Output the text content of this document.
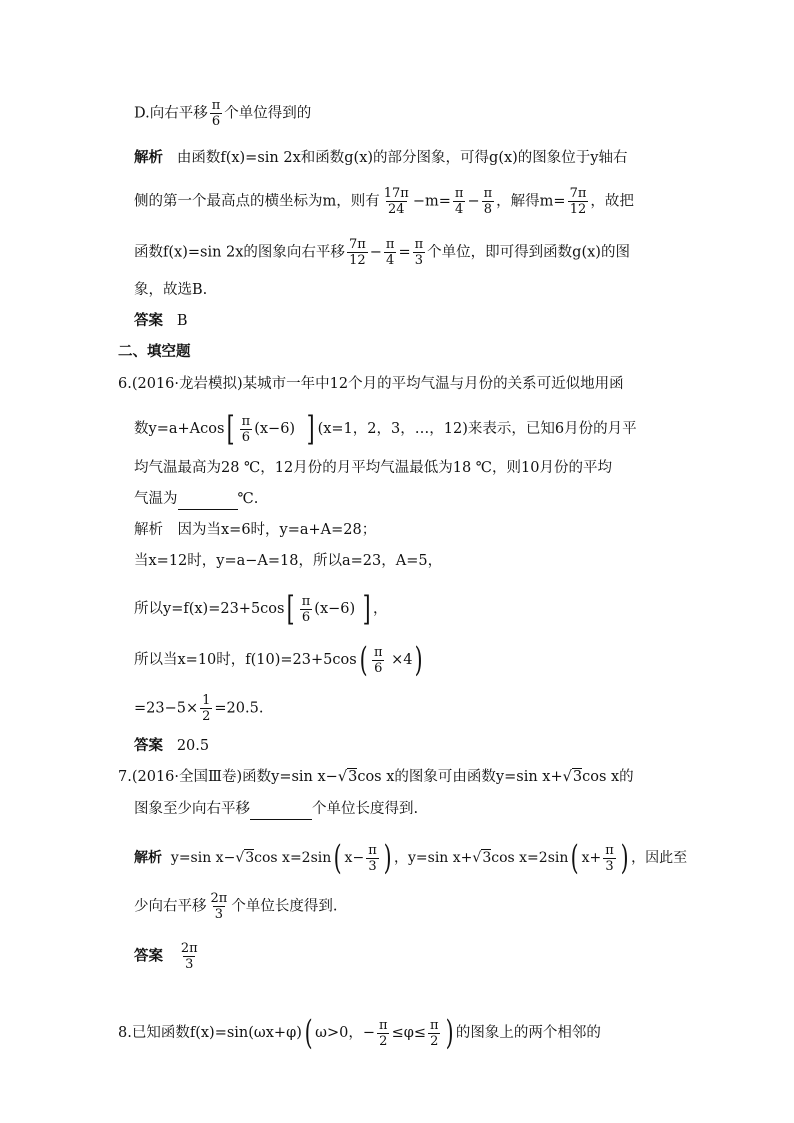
D.向右平移 $\frac{\pi}{6}$ 个单位得到的
解析 由函数f(x)=sin 2x和函数g(x)的部分图象，可得g(x)的图象位于y轴右
侧的第一个最高点的横坐标为m，则有 $\frac{17\pi}{24} -m= \frac{\pi}{4} - \frac{\pi}{8}$ ，解得$m= \frac{7\pi}{12}$ ，故把
函数f(x)=sin 2x的图象向右平移 $\frac{7\pi}{12} - \frac{\pi}{4} = \frac{\pi}{3}$ 个单位，即可得到函数g(x)的图
象，故选B.
答案 B
二、填空题
6.(2016·龙岩模拟)某城市一年中12个月的平均气温与月份的关系可近似地用函
数$y=a+Acos[ \frac{\pi}{6} (x-6)$ ] (x=1，2，3，…，12)来表示，已知6月份的月平
均气温最高为28 ℃，12月份的月平均气温最低为18 ℃，则10月份的平均
气温为	℃.
解析　因为当x=6时，y=a+A=28；
当x=12时，y=a−A=18，所以a=23，A=5，
所以$y=f(x)=23+5\cos[ \frac{\pi}{6} (x-6)$ ] ，
所以当x=10时，$f(10)=23+5\cos( \frac{\pi}{6} \times 4)$
$=23-5\times \frac{1}{2} =20.5$.
答案 20.5
7.(2016·全国Ⅲ卷)函数y=sin x−√3cos x的图象可由函数y=sin x+√3cos x的
图象至少向右平移	个单位长度得到.
解析 y=sin x−√3cos x=2sin( $x- \frac{\pi}{3}$ ) ，y=sin x+√3cos x=2sin( $x+ \frac{\pi}{3}$ ) ，因此至
少向右平移 $\frac{2\pi}{3}$ 个单位长度得到.
答案 $\frac{2\pi}{3}$
8.已知函数f(x)=sin(ωx+φ)( ω>0，− $\frac{\pi}{2} \le\varphi\le \frac{\pi}{2}$ ) 的图象上的两个相邻的
